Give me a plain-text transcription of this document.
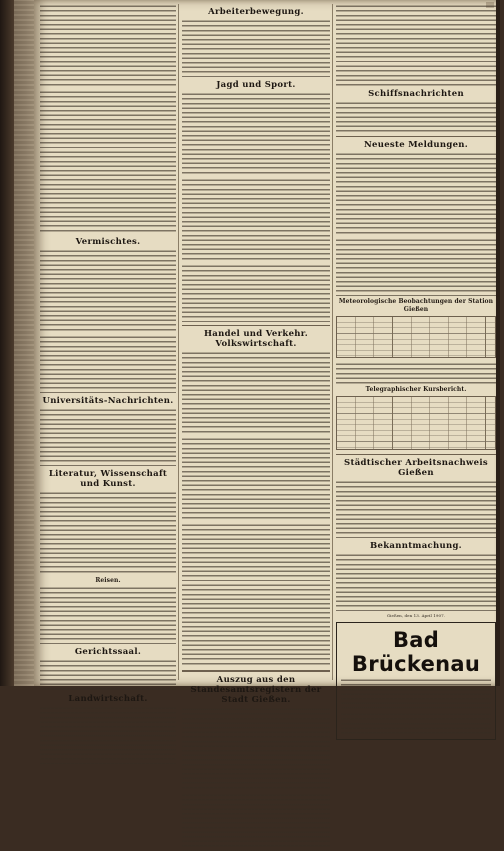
Vermischtes.
Universitäts-Nachrichten.
Literatur, Wissenschaft und Kunst.
Reisen.
Gerichtssaal.
Landwirtschaft.
Arbeiterbewegung.
Jagd und Sport.
Handel und Verkehr. Volkswirtschaft.
Auszug aus den Standesamtsregistern der Stadt Gießen.
Schiffsnachrichten
Neueste Meldungen.
Meteorologische Beobachtungen der Station Gießen
Telegraphischer Kursbericht.
Städtischer Arbeitsnachweis Gießen
Bekanntmachung.
Gießen, den 13. April 1907.
Bad Brückenau
